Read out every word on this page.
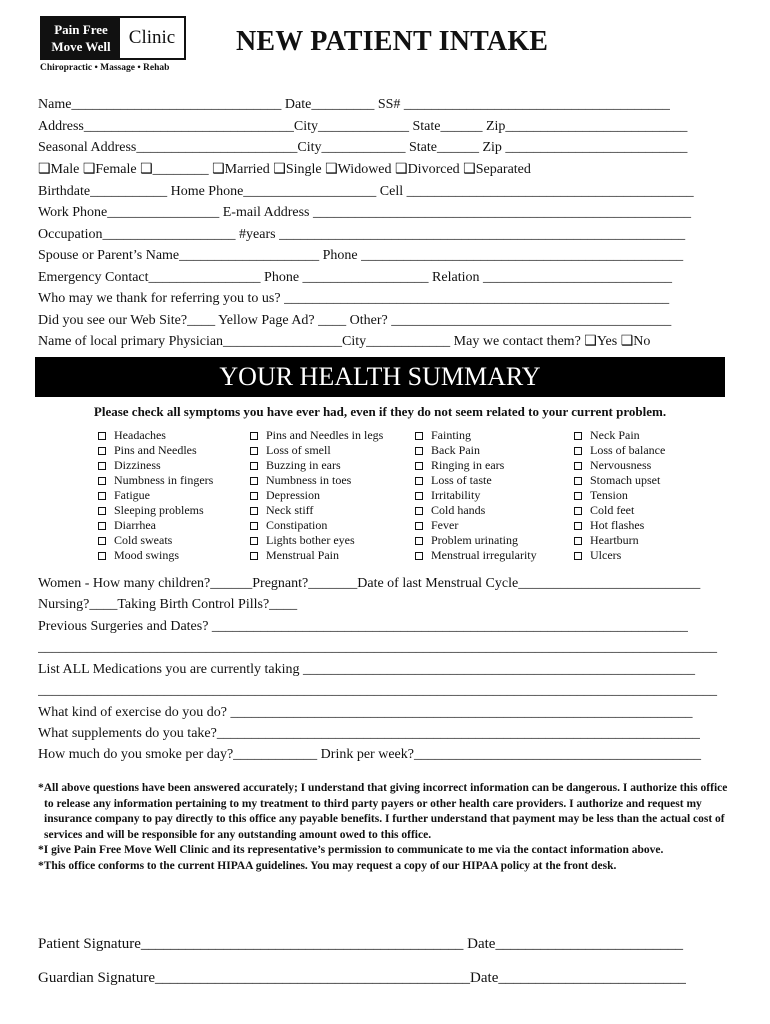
Pain Free
Move Well Clinic
Chiropractic • Massage • Rehab
NEW PATIENT INTAKE
Name______________________________ Date_________ SS# ______________________________________
Address______________________________City_____________ State______ Zip__________________________
Seasonal Address_______________________City____________ State______ Zip __________________________
❑Male ❑Female ❑________ ❑Married ❑Single ❑Widowed ❑Divorced ❑Separated
Birthdate___________ Home Phone___________________ Cell _________________________________________
Work Phone________________ E-mail Address ______________________________________________________
Occupation___________________ #years __________________________________________________________
Spouse or Parent’s Name____________________ Phone ______________________________________________
Emergency Contact________________ Phone __________________ Relation ___________________________
Who may we thank for referring you to us? _______________________________________________________
Did you see our Web Site?____ Yellow Page Ad? ____ Other? ________________________________________
Name of local primary Physician_________________City____________ May we contact them? ❑Yes ❑No
YOUR HEALTH SUMMARY
Please check all symptoms you have ever had, even if they do not seem related to your current problem.
Headaches
Pins and Needles
Dizziness
Numbness in fingers
Fatigue
Sleeping problems
Diarrhea
Cold sweats
Mood swings
Pins and Needles in legs
Loss of smell
Buzzing in ears
Numbness in toes
Depression
Neck stiff
Constipation
Lights bother eyes
Menstrual Pain
Fainting
Back Pain
Ringing in ears
Loss of taste
Irritability
Cold hands
Fever
Problem urinating
Menstrual irregularity
Neck Pain
Loss of balance
Nervousness
Stomach upset
Tension
Cold feet
Hot flashes
Heartburn
Ulcers
Women - How many children?______Pregnant?_______Date of last Menstrual Cycle__________________________
Nursing?____Taking Birth Control Pills?____
Previous Surgeries and Dates? ____________________________________________________________________
_________________________________________________________________________________________________
List ALL Medications you are currently taking ________________________________________________________
_________________________________________________________________________________________________
What kind of exercise do you do? __________________________________________________________________
What supplements do you take?_____________________________________________________________________
How much do you smoke per day?____________ Drink per week?_________________________________________

*All above questions have been answered accurately; I understand that giving incorrect information can be dangerous. I authorize this office to release any information pertaining to my treatment to third party payers or other health care providers. I authorize and request my insurance company to pay directly to this office any payable benefits. I further understand that payment may be less than the actual cost of services and will be responsible for any outstanding amount owed to this office.

*I give Pain Free Move Well Clinic and its representative’s permission to communicate to me via the contact information above.

*This office conforms to the current HIPAA guidelines. You may request a copy of our HIPAA policy at the front desk.

Patient Signature___________________________________________ Date_________________________
Guardian Signature__________________________________________Date_________________________
